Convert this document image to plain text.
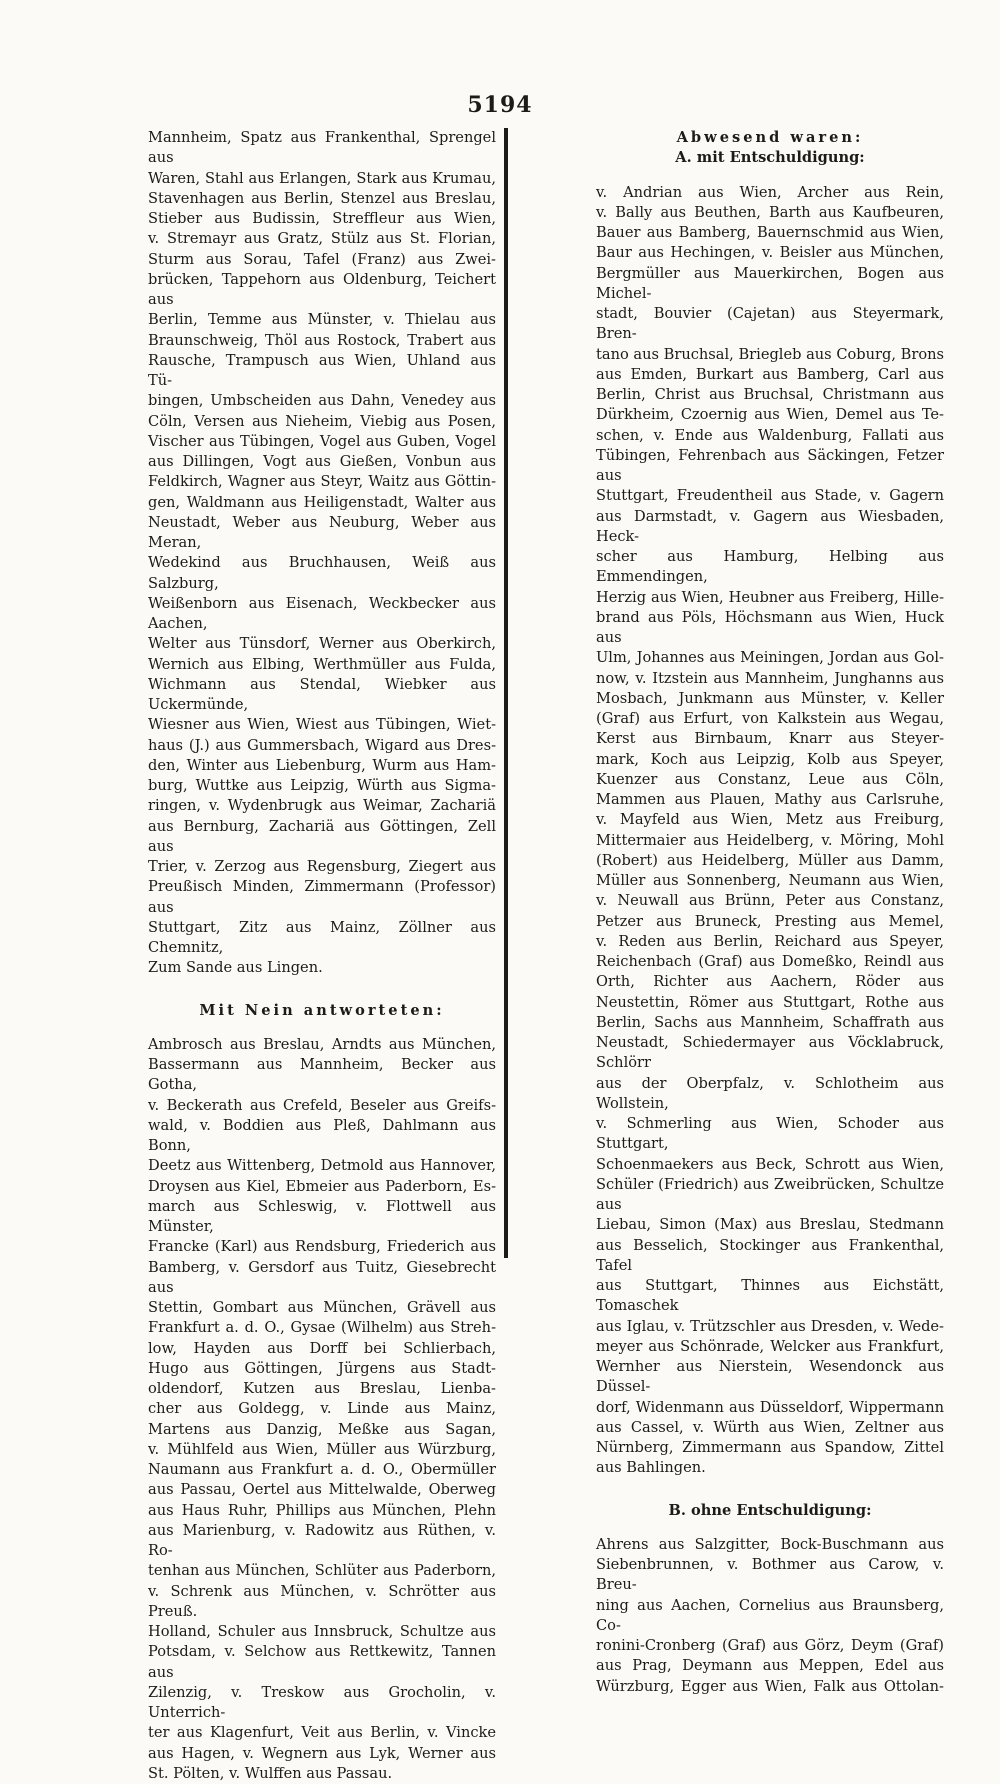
5194

Mannheim, Spatz aus Frankenthal, Sprengel aus

Waren, Stahl aus Erlangen, Stark aus Krumau,

Stavenhagen aus Berlin, Stenzel aus Breslau,

Stieber aus Budissin, Streffleur aus Wien,

v. Stremayr aus Gratz, Stülz aus St. Florian,

Sturm aus Sorau, Tafel (Franz) aus Zwei-

brücken, Tappehorn aus Oldenburg, Teichert aus

Berlin, Temme aus Münster, v. Thielau aus

Braunschweig, Thöl aus Rostock, Trabert aus

Rausche, Trampusch aus Wien, Uhland aus Tü-

bingen, Umbscheiden aus Dahn, Venedey aus

Cöln, Versen aus Nieheim, Viebig aus Posen,

Vischer aus Tübingen, Vogel aus Guben, Vogel

aus Dillingen, Vogt aus Gießen, Vonbun aus

Feldkirch, Wagner aus Steyr, Waitz aus Göttin-

gen, Waldmann aus Heiligenstadt, Walter aus

Neustadt, Weber aus Neuburg, Weber aus Meran,

Wedekind aus Bruchhausen, Weiß aus Salzburg,

Weißenborn aus Eisenach, Weckbecker aus Aachen,

Welter aus Tünsdorf, Werner aus Oberkirch,

Wernich aus Elbing, Werthmüller aus Fulda,

Wichmann aus Stendal, Wiebker aus Uckermünde,

Wiesner aus Wien, Wiest aus Tübingen, Wiet-

haus (J.) aus Gummersbach, Wigard aus Dres-

den, Winter aus Liebenburg, Wurm aus Ham-

burg, Wuttke aus Leipzig, Würth aus Sigma-

ringen, v. Wydenbrugk aus Weimar, Zachariä

aus Bernburg, Zachariä aus Göttingen, Zell aus

Trier, v. Zerzog aus Regensburg, Ziegert aus

Preußisch Minden, Zimmermann (Professor) aus

Stuttgart, Zitz aus Mainz, Zöllner aus Chemnitz,

Zum Sande aus Lingen.

Mit Nein antworteten:

Ambrosch aus Breslau, Arndts aus München,

Bassermann aus Mannheim, Becker aus Gotha,

v. Beckerath aus Crefeld, Beseler aus Greifs-

wald, v. Boddien aus Pleß, Dahlmann aus Bonn,

Deetz aus Wittenberg, Detmold aus Hannover,

Droysen aus Kiel, Ebmeier aus Paderborn, Es-

march aus Schleswig, v. Flottwell aus Münster,

Francke (Karl) aus Rendsburg, Friederich aus

Bamberg, v. Gersdorf aus Tuitz, Giesebrecht aus

Stettin, Gombart aus München, Grävell aus

Frankfurt a. d. O., Gysae (Wilhelm) aus Streh-

low, Hayden aus Dorff bei Schlierbach,

Hugo aus Göttingen, Jürgens aus Stadt-

oldendorf, Kutzen aus Breslau, Lienba-

cher aus Goldegg, v. Linde aus Mainz,

Martens aus Danzig, Meßke aus Sagan,

v. Mühlfeld aus Wien, Müller aus Würzburg,

Naumann aus Frankfurt a. d. O., Obermüller

aus Passau, Oertel aus Mittelwalde, Oberweg

aus Haus Ruhr, Phillips aus München, Plehn

aus Marienburg, v. Radowitz aus Rüthen, v. Ro-

tenhan aus München, Schlüter aus Paderborn,

v. Schrenk aus München, v. Schrötter aus Preuß.

Holland, Schuler aus Innsbruck, Schultze aus

Potsdam, v. Selchow aus Rettkewitz, Tannen aus

Zilenzig, v. Treskow aus Grocholin, v. Unterrich-

ter aus Klagenfurt, Veit aus Berlin, v. Vincke

aus Hagen, v. Wegnern aus Lyk, Werner aus

St. Pölten, v. Wulffen aus Passau.

Abwesend waren:

A. mit Entschuldigung:

v. Andrian aus Wien, Archer aus Rein,

v. Bally aus Beuthen, Barth aus Kaufbeuren,

Bauer aus Bamberg, Bauernschmid aus Wien,

Baur aus Hechingen, v. Beisler aus München,

Bergmüller aus Mauerkirchen, Bogen aus Michel-

stadt, Bouvier (Cajetan) aus Steyermark, Bren-

tano aus Bruchsal, Briegleb aus Coburg, Brons

aus Emden, Burkart aus Bamberg, Carl aus

Berlin, Christ aus Bruchsal, Christmann aus

Dürkheim, Czoernig aus Wien, Demel aus Te-

schen, v. Ende aus Waldenburg, Fallati aus

Tübingen, Fehrenbach aus Säckingen, Fetzer aus

Stuttgart, Freudentheil aus Stade, v. Gagern

aus Darmstadt, v. Gagern aus Wiesbaden, Heck-

scher aus Hamburg, Helbing aus Emmendingen,

Herzig aus Wien, Heubner aus Freiberg, Hille-

brand aus Pöls, Höchsmann aus Wien, Huck aus

Ulm, Johannes aus Meiningen, Jordan aus Gol-

now, v. Itzstein aus Mannheim, Junghanns aus

Mosbach, Junkmann aus Münster, v. Keller

(Graf) aus Erfurt, von Kalkstein aus Wegau,

Kerst aus Birnbaum, Knarr aus Steyer-

mark, Koch aus Leipzig, Kolb aus Speyer,

Kuenzer aus Constanz, Leue aus Cöln,

Mammen aus Plauen, Mathy aus Carlsruhe,

v. Mayfeld aus Wien, Metz aus Freiburg,

Mittermaier aus Heidelberg, v. Möring, Mohl

(Robert) aus Heidelberg, Müller aus Damm,

Müller aus Sonnenberg, Neumann aus Wien,

v. Neuwall aus Brünn, Peter aus Constanz,

Petzer aus Bruneck, Presting aus Memel,

v. Reden aus Berlin, Reichard aus Speyer,

Reichenbach (Graf) aus Domeßko, Reindl aus

Orth, Richter aus Aachern, Röder aus

Neustettin, Römer aus Stuttgart, Rothe aus

Berlin, Sachs aus Mannheim, Schaffrath aus

Neustadt, Schiedermayer aus Vöcklabruck, Schlörr

aus der Oberpfalz, v. Schlotheim aus Wollstein,

v. Schmerling aus Wien, Schoder aus Stuttgart,

Schoenmaekers aus Beck, Schrott aus Wien,

Schüler (Friedrich) aus Zweibrücken, Schultze aus

Liebau, Simon (Max) aus Breslau, Stedmann

aus Besselich, Stockinger aus Frankenthal, Tafel

aus Stuttgart, Thinnes aus Eichstätt, Tomaschek

aus Iglau, v. Trützschler aus Dresden, v. Wede-

meyer aus Schönrade, Welcker aus Frankfurt,

Wernher aus Nierstein, Wesendonck aus Düssel-

dorf, Widenmann aus Düsseldorf, Wippermann

aus Cassel, v. Würth aus Wien, Zeltner aus

Nürnberg, Zimmermann aus Spandow, Zittel

aus Bahlingen.

B. ohne Entschuldigung:

Ahrens aus Salzgitter, Bock-Buschmann aus

Siebenbrunnen, v. Bothmer aus Carow, v. Breu-

ning aus Aachen, Cornelius aus Braunsberg, Co-

ronini-Cronberg (Graf) aus Görz, Deym (Graf)

aus Prag, Deymann aus Meppen, Edel aus

Würzburg, Egger aus Wien, Falk aus Ottolan-
